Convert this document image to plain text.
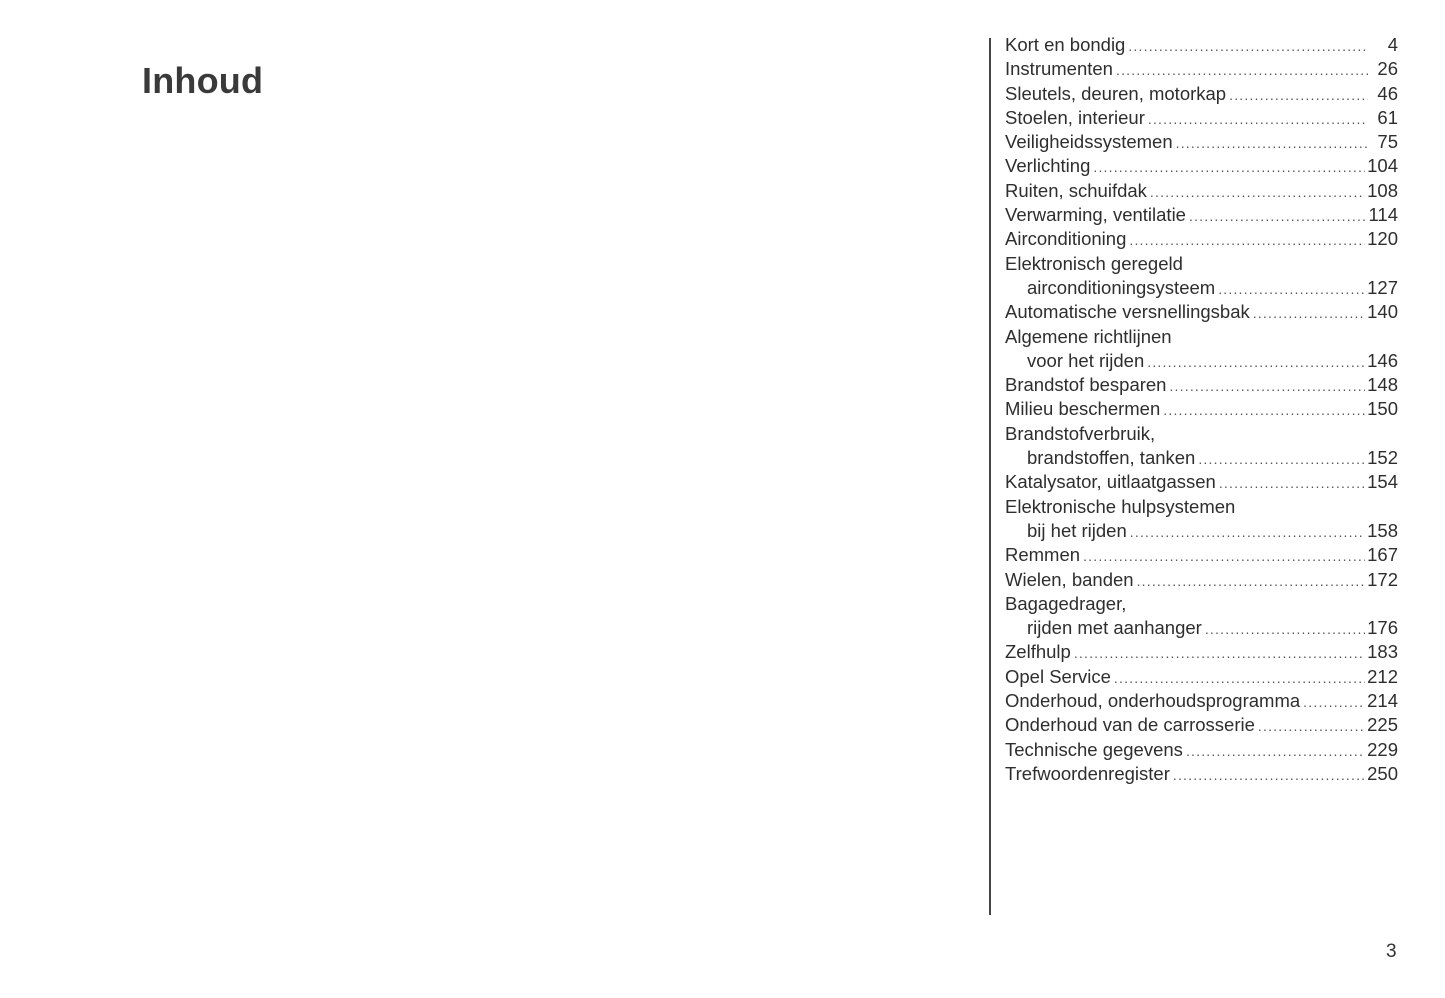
Inhoud
Kort en bondig .....	4
Instrumenten .....	26
Sleutels, deuren, motorkap .....	46
Stoelen, interieur .....	61
Veiligheidssystemen .....	75
Verlichting .....	104
Ruiten, schuifdak .....	108
Verwarming, ventilatie .....	114
Airconditioning .....	120
Elektronisch geregeld
airconditioningsysteem .....	127
Automatische versnellingsbak .....	140
Algemene richtlijnen
voor het rijden .....	146
Brandstof besparen .....	148
Milieu beschermen .....	150
Brandstofverbruik,
brandstoffen, tanken .....	152
Katalysator, uitlaatgassen .....	154
Elektronische hulpsystemen
bij het rijden .....	158
Remmen .....	167
Wielen, banden .....	172
Bagagedrager,
rijden met aanhanger .....	176
Zelfhulp .....	183
Opel Service .....	212
Onderhoud, onderhoudsprogramma .....	214
Onderhoud van de carrosserie .....	225
Technische gegevens .....	229
Trefwoordenregister .....	250
3
